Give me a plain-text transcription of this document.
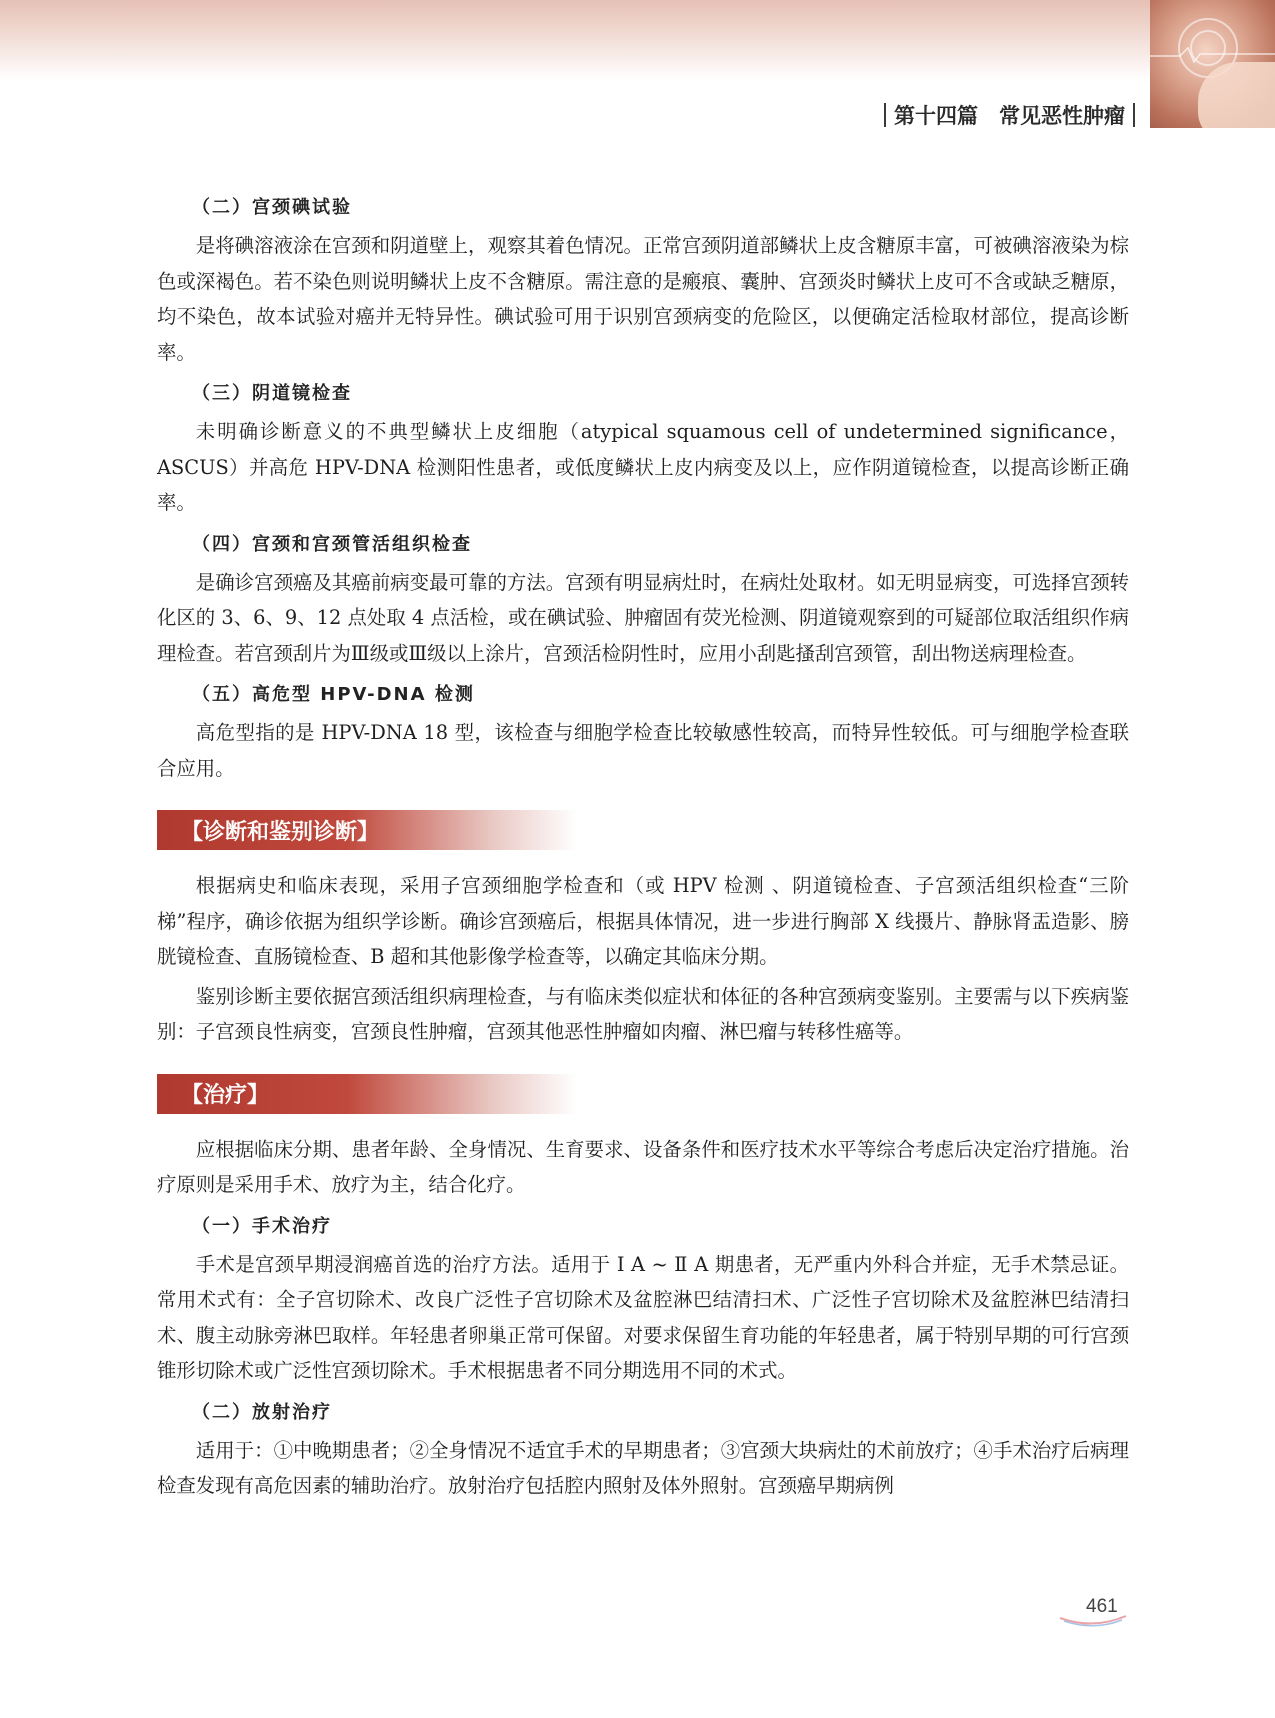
第十四篇　常见恶性肿瘤
（二）宫颈碘试验

是将碘溶液涂在宫颈和阴道壁上，观察其着色情况。正常宫颈阴道部鳞状上皮含糖原丰富，可被碘溶液染为棕色或深褐色。若不染色则说明鳞状上皮不含糖原。需注意的是瘢痕、囊肿、宫颈炎时鳞状上皮可不含或缺乏糖原，均不染色，故本试验对癌并无特异性。碘试验可用于识别宫颈病变的危险区，以便确定活检取材部位，提高诊断率。

（三）阴道镜检查

未明确诊断意义的不典型鳞状上皮细胞（atypical squamous cell of undetermined significance，ASCUS）并高危 HPV-DNA 检测阳性患者，或低度鳞状上皮内病变及以上，应作阴道镜检查，以提高诊断正确率。

（四）宫颈和宫颈管活组织检查

是确诊宫颈癌及其癌前病变最可靠的方法。宫颈有明显病灶时，在病灶处取材。如无明显病变，可选择宫颈转化区的 3、6、9、12 点处取 4 点活检，或在碘试验、肿瘤固有荧光检测、阴道镜观察到的可疑部位取活组织作病理检查。若宫颈刮片为Ⅲ级或Ⅲ级以上涂片，宫颈活检阴性时，应用小刮匙搔刮宫颈管，刮出物送病理检查。

（五）高危型 HPV-DNA 检测

高危型指的是 HPV-DNA 18 型，该检查与细胞学检查比较敏感性较高，而特异性较低。可与细胞学检查联合应用。

【诊断和鉴别诊断】

根据病史和临床表现，采用子宫颈细胞学检查和（或 HPV 检测 、阴道镜检查、子宫颈活组织检查“三阶梯”程序，确诊依据为组织学诊断。确诊宫颈癌后，根据具体情况，进一步进行胸部 X 线摄片、静脉肾盂造影、膀胱镜检查、直肠镜检查、B 超和其他影像学检查等，以确定其临床分期。

鉴别诊断主要依据宫颈活组织病理检查，与有临床类似症状和体征的各种宫颈病变鉴别。主要需与以下疾病鉴别：子宫颈良性病变，宫颈良性肿瘤，宫颈其他恶性肿瘤如肉瘤、淋巴瘤与转移性癌等。

【治疗】

应根据临床分期、患者年龄、全身情况、生育要求、设备条件和医疗技术水平等综合考虑后决定治疗措施。治疗原则是采用手术、放疗为主，结合化疗。

（一）手术治疗

手术是宫颈早期浸润癌首选的治疗方法。适用于 I A ~ Ⅱ A 期患者，无严重内外科合并症，无手术禁忌证。常用术式有：全子宫切除术、改良广泛性子宫切除术及盆腔淋巴结清扫术、广泛性子宫切除术及盆腔淋巴结清扫术、腹主动脉旁淋巴取样。年轻患者卵巢正常可保留。对要求保留生育功能的年轻患者，属于特别早期的可行宫颈锥形切除术或广泛性宫颈切除术。手术根据患者不同分期选用不同的术式。

（二）放射治疗

适用于：①中晚期患者；②全身情况不适宜手术的早期患者；③宫颈大块病灶的术前放疗；④手术治疗后病理检查发现有高危因素的辅助治疗。放射治疗包括腔内照射及体外照射。宫颈癌早期病例

461
